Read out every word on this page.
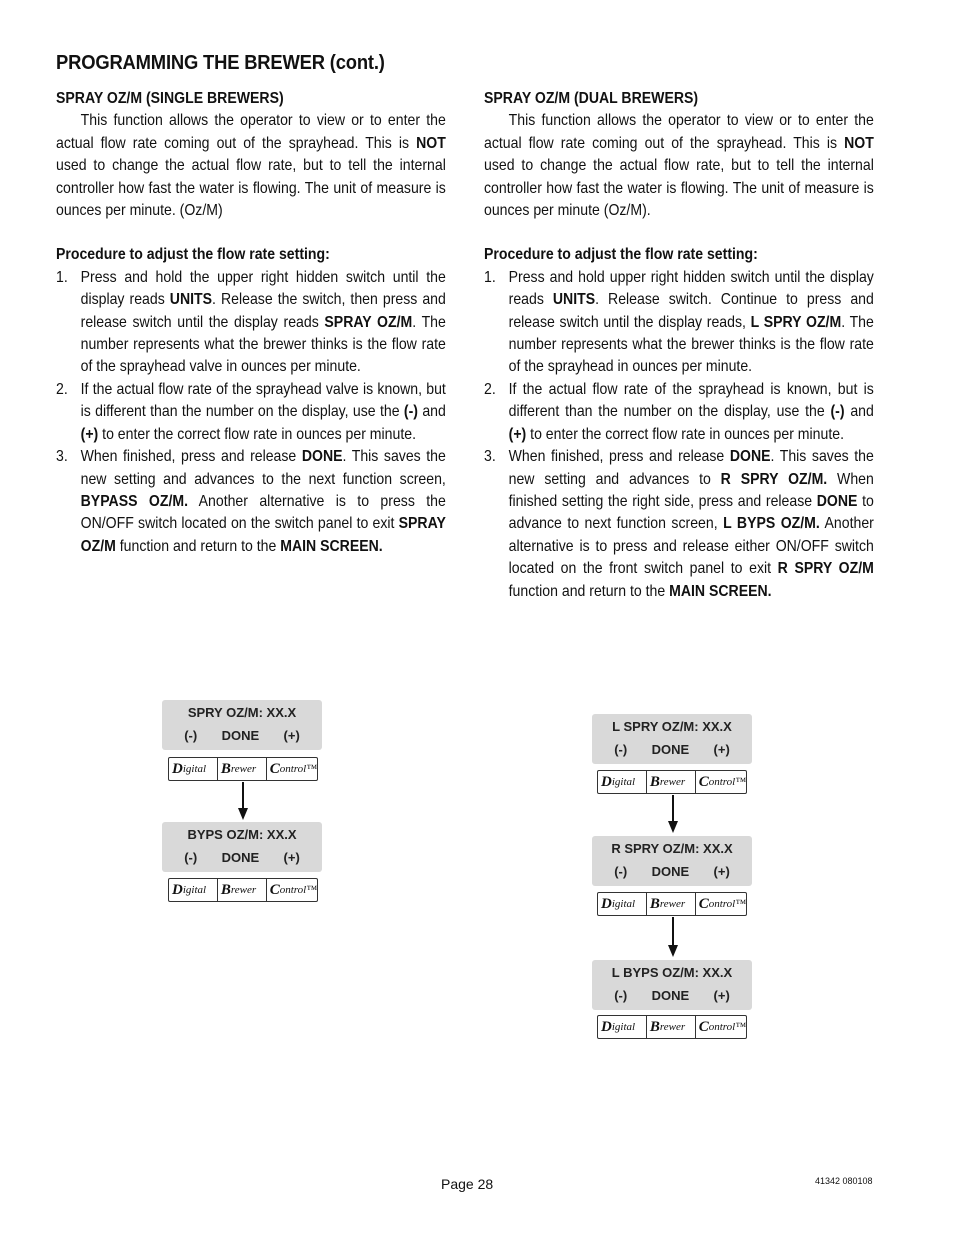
PROGRAMMING THE BREWER (cont.)
SPRAY OZ/M (SINGLE BREWERS)

This function allows the operator to view or to enter the actual flow rate coming out of the sprayhead. This is NOT used to change the actual flow rate, but to tell the internal controller how fast the water is flowing. The unit of measure is ounces per minute. (Oz/M)

Procedure to adjust the flow rate setting:
1. Press and hold the upper right hidden switch until the display reads UNITS. Release the switch, then press and release switch until the display reads SPRAY OZ/M. The number represents what the brewer thinks is the flow rate of the sprayhead valve in ounces per minute.
2. If the actual flow rate of the sprayhead valve is known, but is different than the number on the display, use the (-) and (+) to enter the correct flow rate in ounces per minute.
3. When finished, press and release DONE. This saves the new setting and advances to the next function screen, BYPASS OZ/M. Another alternative is to press the ON/OFF switch located on the switch panel to exit SPRAY OZ/M function and return to the MAIN SCREEN.
SPRAY OZ/M (DUAL BREWERS)

This function allows the operator to view or to enter the actual flow rate coming out of the sprayhead. This is NOT used to change the actual flow rate, but to tell the internal controller how fast the water is flowing. The unit of measure is ounces per minute (Oz/M).

Procedure to adjust the flow rate setting:
1. Press and hold upper right hidden switch until the display reads UNITS. Release switch. Continue to press and release switch until the display reads, L SPRY OZ/M. The number represents what the brewer thinks is the flow rate of the sprayhead in ounces per minute.
2. If the actual flow rate of the sprayhead is known, but is different than the number on the display, use the (-) and (+) to enter the correct flow rate in ounces per minute.
3. When finished, press and release DONE. This saves the new setting and advances to R SPRY OZ/M. When finished setting the right side, press and release DONE to advance to next function screen, L BYPS OZ/M. Another alternative is to press and release either ON/OFF switch located on the front switch panel to exit R SPRY OZ/M function and return to the MAIN SCREEN.
SPRY OZ/M: XX.X
(-) DONE (+)
D igital B rewer C ontrol™
BYPS OZ/M: XX.X
(-) DONE (+)
D igital B rewer C ontrol™
L SPRY OZ/M: XX.X
(-) DONE (+)
D igital B rewer C ontrol™
R SPRY OZ/M: XX.X
(-) DONE (+)
D igital B rewer C ontrol™
L BYPS OZ/M: XX.X
(-) DONE (+)
D igital B rewer C ontrol™
Page 28	41342 080108
